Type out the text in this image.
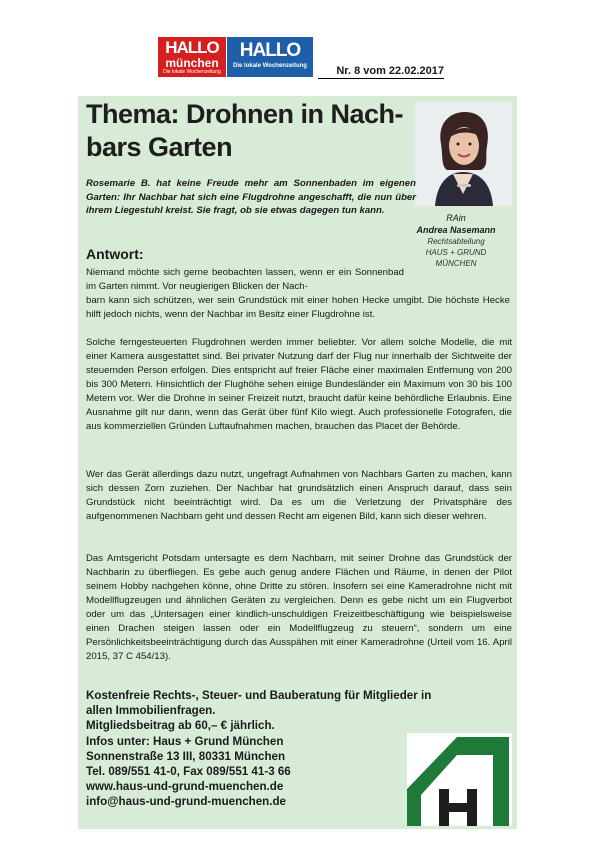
HALLO
münchen
Die lokale Wochenzeitung
HALLO
Die lokale Wochenzeitung	Nr. 8 vom 22.02.2017
Thema: Drohnen in Nach-
bars Garten
RAin
Andrea Nasemann
Rechtsabteilung
HAUS + GRUND
MÜNCHEN

Rosemarie B. hat keine Freude mehr am Sonnenbaden im eigenen Garten: Ihr Nachbar hat sich eine Flugdrohne angeschafft, die nun über ihrem Liegestuhl kreist. Sie fragt, ob sie etwas dagegen tun kann.

Antwort:

Niemand möchte sich gerne beobachten lassen, wenn er ein Sonnenbad im Garten nimmt. Vor neugierigen Blicken der Nach-
barn kann sich schützen, wer sein Grundstück mit einer hohen Hecke umgibt. Die höchste Hecke hilft jedoch nichts, wenn der Nachbar im Besitz einer Flugdrohne ist.

Solche ferngesteuerten Flugdrohnen werden immer beliebter. Vor allem solche Modelle, die mit einer Kamera ausgestattet sind. Bei privater Nutzung darf der Flug nur innerhalb der Sichtweite der steuernden Person erfolgen. Dies entspricht auf freier Fläche einer maximalen Entfernung von 200 bis 300 Metern. Hinsichtlich der Flughöhe sehen einige Bundesländer ein Maximum von 30 bis 100 Metern vor. Wer die Drohne in seiner Freizeit nutzt, braucht dafür keine behördliche Erlaubnis. Eine Ausnahme gilt nur dann, wenn das Gerät über fünf Kilo wiegt. Auch professionelle Fotografen, die aus kommerziellen Gründen Luftaufnahmen machen, brauchen das Placet der Behörde.

Wer das Gerät allerdings dazu nutzt, ungefragt Aufnahmen von Nachbars Garten zu machen, kann sich dessen Zorn zuziehen. Der Nachbar hat grundsätzlich einen Anspruch darauf, dass sein Grundstück nicht beeinträchtigt wird. Da es um die Verletzung der Privatsphäre des aufgenommenen Nachbarn geht und dessen Recht am eigenen Bild, kann sich dieser wehren.

Das Amtsgericht Potsdam untersagte es dem Nachbarn, mit seiner Drohne das Grundstück der Nachbarin zu überfliegen. Es gebe auch genug andere Flächen und Räume, in denen der Pilot seinem Hobby nachgehen könne, ohne Dritte zu stören. Insofern sei eine Kameradrohne nicht mit Modellflugzeugen und ähnlichen Geräten zu vergleichen. Denn es gebe nicht um ein Flugverbot oder um das „Untersagen einer kindlich-unschuldigen Freizeitbeschäftigung wie beispielsweise einen Drachen steigen lassen oder ein Modellflugzeug zu steuern“, sondern um eine Persönlichkeitsbeeinträchtigung durch das Ausspähen mit einer Kameradrohne (Urteil vom 16. April 2015, 37 C 454/13).

Kostenfreie Rechts-, Steuer- und Bauberatung für Mitglieder in
allen Immobilienfragen.
Mitgliedsbeitrag ab 60,– € jährlich.
Infos unter: Haus + Grund München
Sonnenstraße 13 III, 80331 München
Tel. 089/551 41-0, Fax 089/551 41-3 66
www.haus-und-grund-muenchen.de
info@haus-und-grund-muenchen.de
